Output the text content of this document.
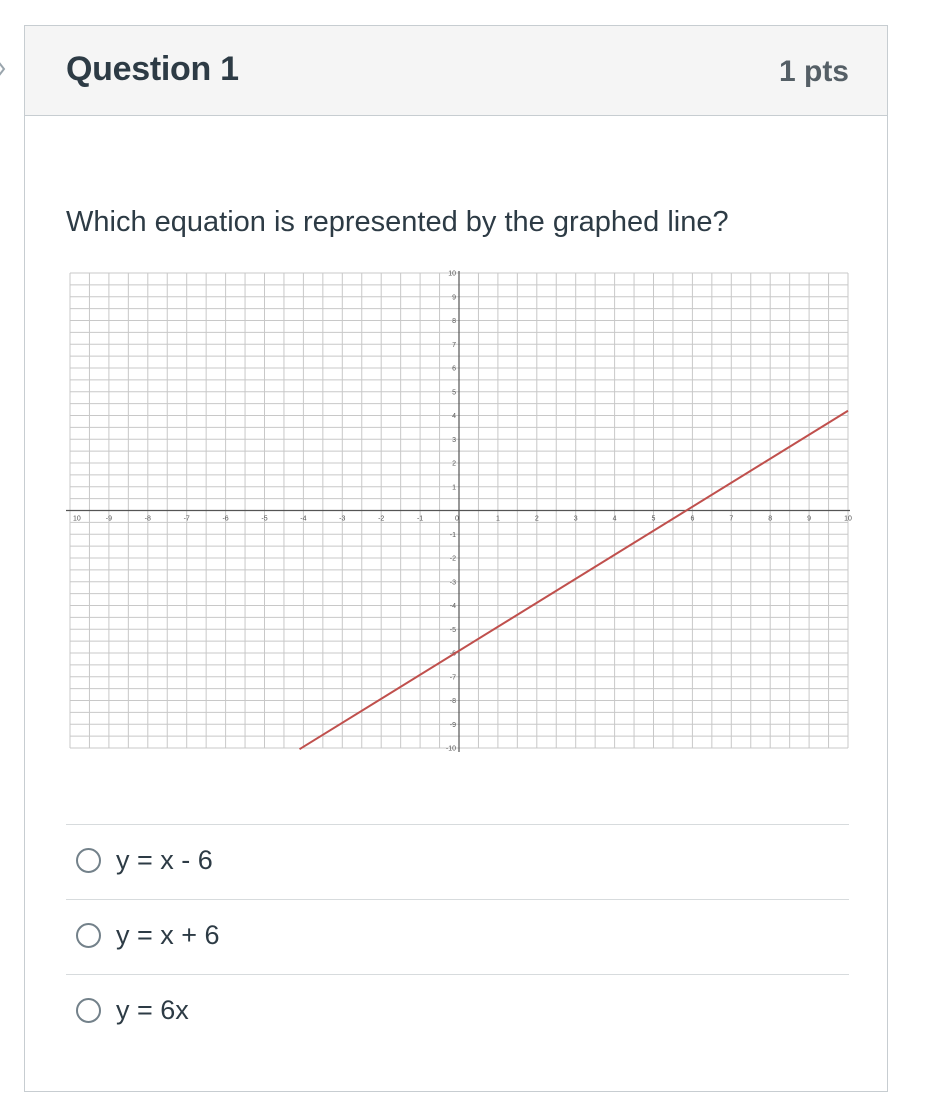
Question 1	1 pts

Which equation is represented by the graphed line?

10	-9	-8	-7	-6	-5	-4	-3	-2	-1	0	1	2	3	4	5	6	7	8	9	10
10
9
8
7
6
5
4
3
2
1
-1
-2
-3
-4
-5
-6
-7
-8
-9
-10
y = x - 6
y = x + 6
y = 6x
